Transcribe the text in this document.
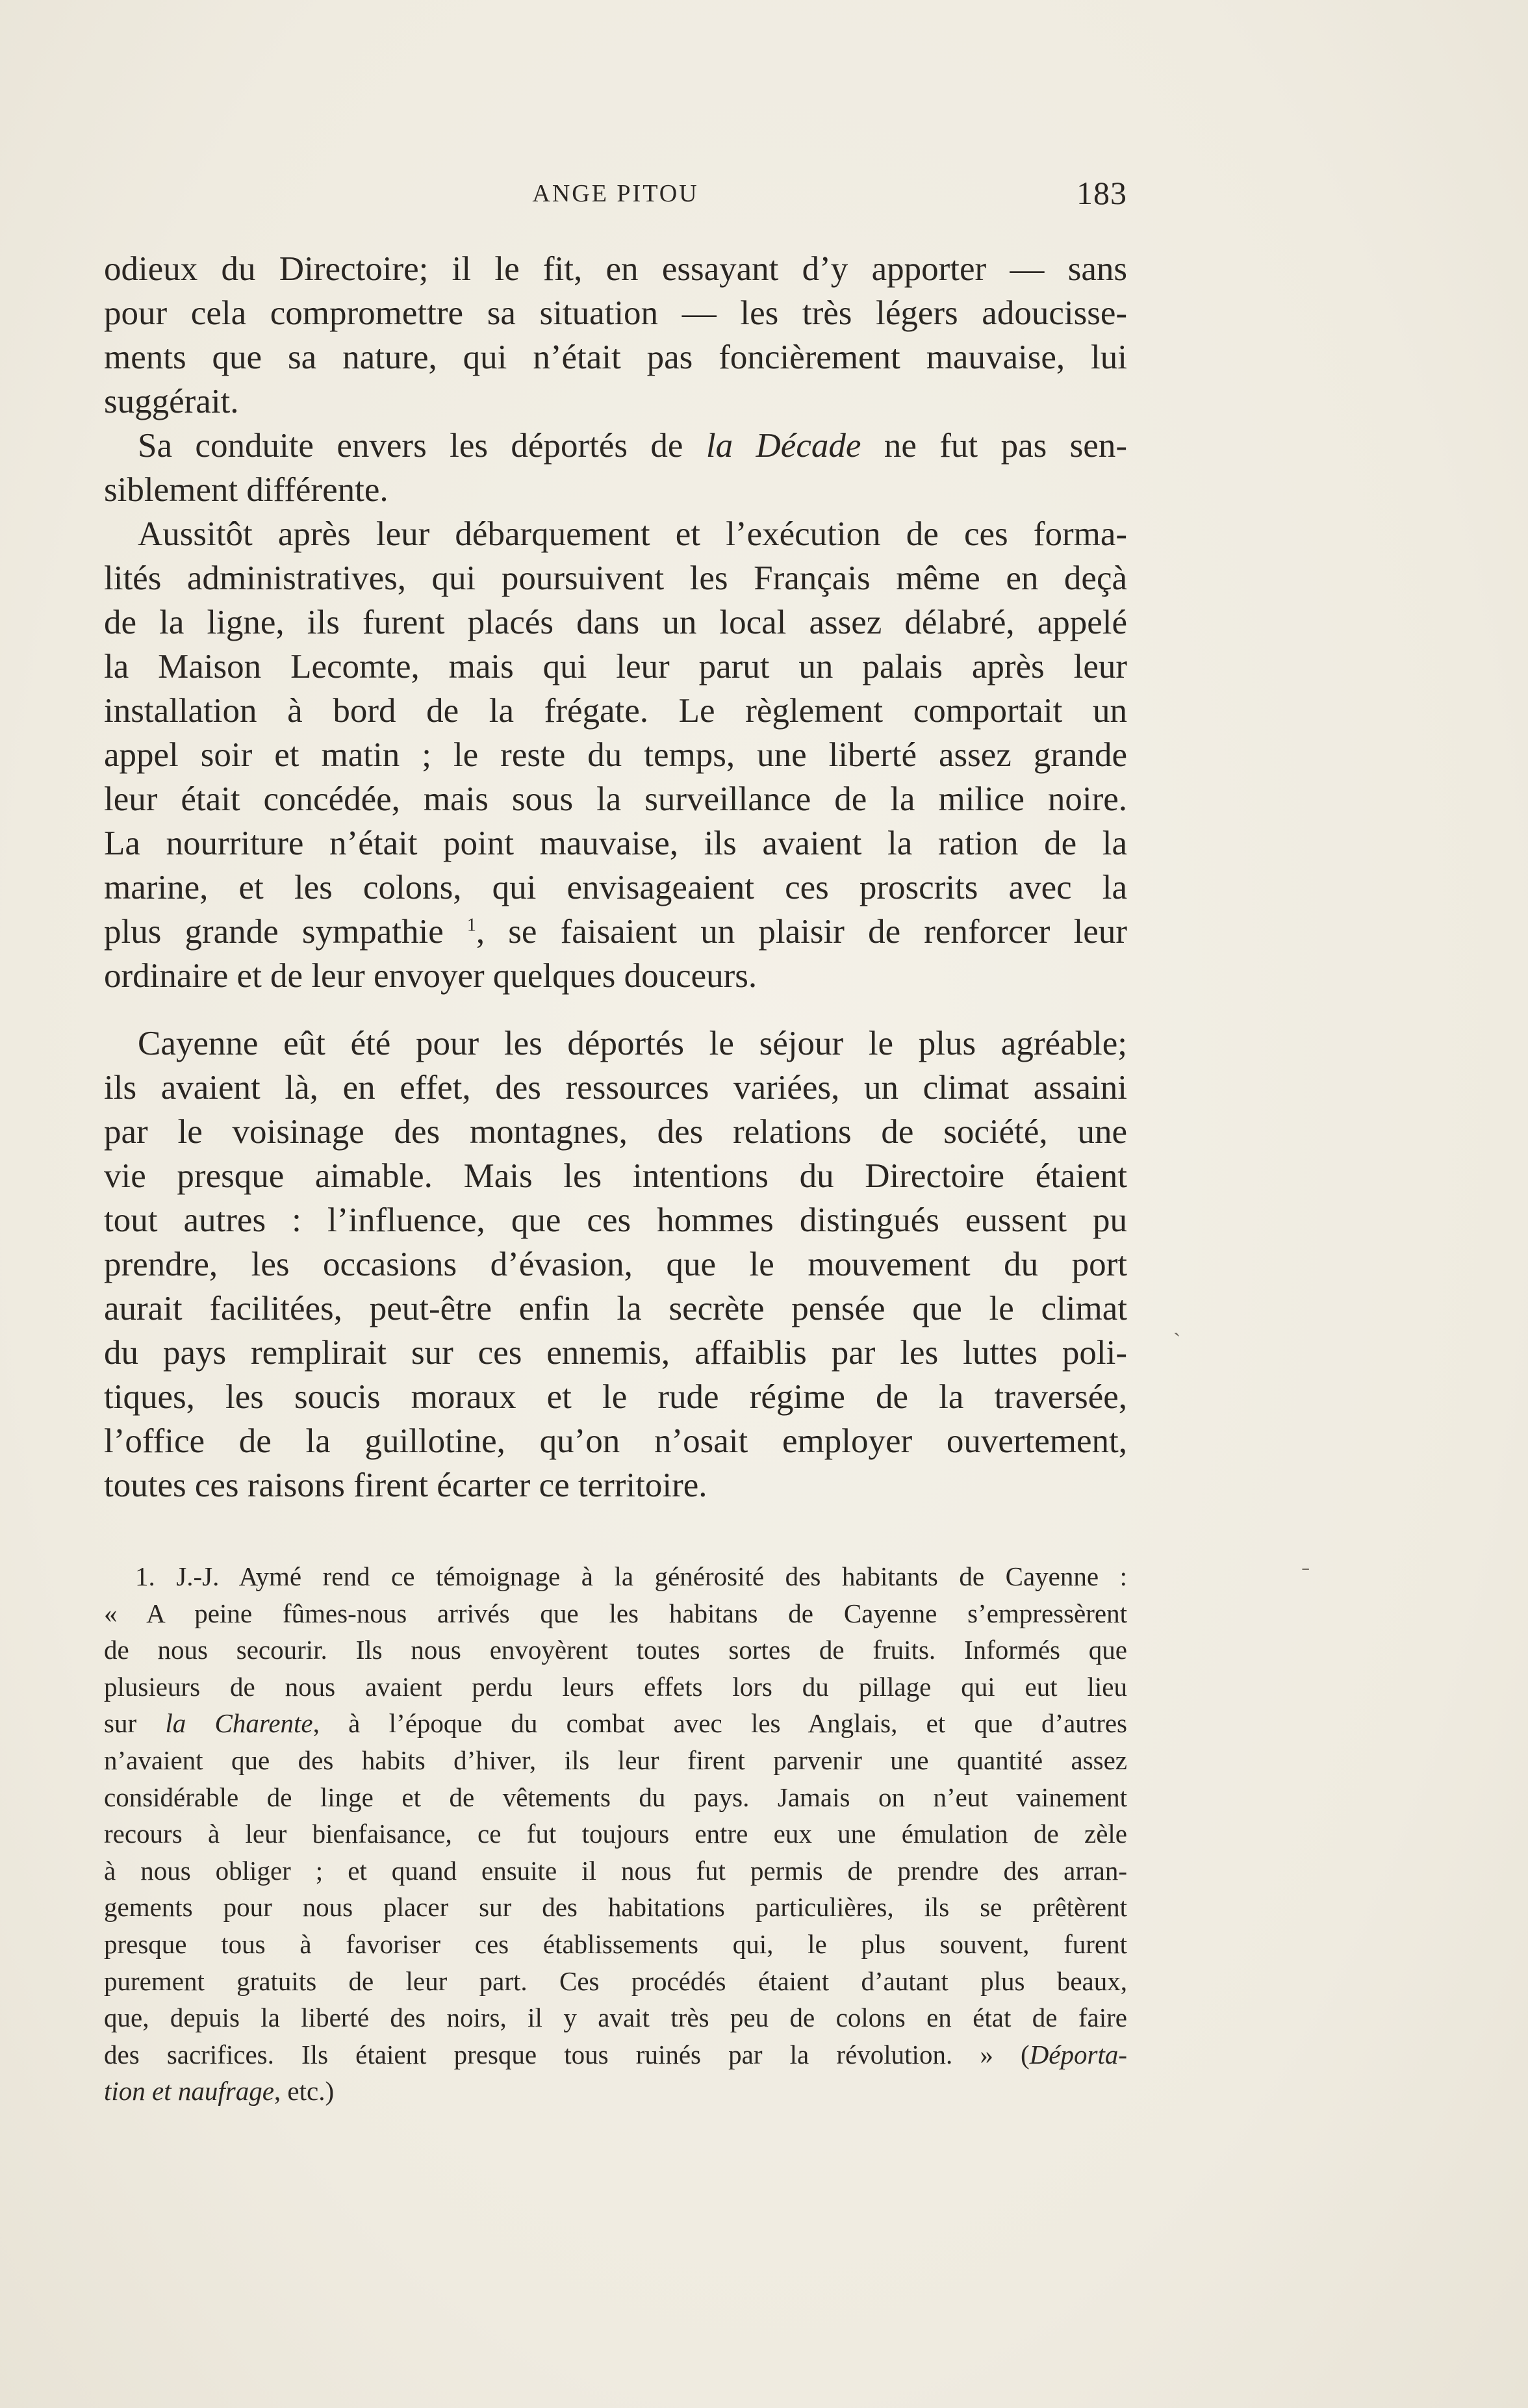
ANGE PITOU	183

odieux du Directoire; il le fit, en essayant d’y apporter — sans
pour cela compromettre sa situation — les très légers adoucisse-
ments que sa nature, qui n’était pas foncièrement mauvaise, lui
suggérait.

Sa conduite envers les déportés de la Décade ne fut pas sen-
siblement différente.

Aussitôt après leur débarquement et l’exécution de ces forma-
lités administratives, qui poursuivent les Français même en deçà
de la ligne, ils furent placés dans un local assez délabré, appelé
la Maison Lecomte, mais qui leur parut un palais après leur
installation à bord de la frégate. Le règlement comportait un
appel soir et matin ; le reste du temps, une liberté assez grande
leur était concédée, mais sous la surveillance de la milice noire.
La nourriture n’était point mauvaise, ils avaient la ration de la
marine, et les colons, qui envisageaient ces proscrits avec la
plus grande sympathie $^1$, se faisaient un plaisir de renforcer leur
ordinaire et de leur envoyer quelques douceurs.

Cayenne eût été pour les déportés le séjour le plus agréable;
ils avaient là, en effet, des ressources variées, un climat assaini
par le voisinage des montagnes, des relations de société, une
vie presque aimable. Mais les intentions du Directoire étaient
tout autres : l’influence, que ces hommes distingués eussent pu
prendre, les occasions d’évasion, que le mouvement du port
aurait facilitées, peut-être enfin la secrète pensée que le climat
du pays remplirait sur ces ennemis, affaiblis par les luttes poli-
tiques, les soucis moraux et le rude régime de la traversée,
l’office de la guillotine, qu’on n’osait employer ouvertement,
toutes ces raisons firent écarter ce territoire.

1. J.-J. Aymé rend ce témoignage à la générosité des habitants de Cayenne :
« A peine fûmes-nous arrivés que les habitans de Cayenne s’empressèrent
de nous secourir. Ils nous envoyèrent toutes sortes de fruits. Informés que
plusieurs de nous avaient perdu leurs effets lors du pillage qui eut lieu
sur la Charente, à l’époque du combat avec les Anglais, et que d’autres
n’avaient que des habits d’hiver, ils leur firent parvenir une quantité assez
considérable de linge et de vêtements du pays. Jamais on n’eut vainement
recours à leur bienfaisance, ce fut toujours entre eux une émulation de zèle
à nous obliger ; et quand ensuite il nous fut permis de prendre des arran-
gements pour nous placer sur des habitations particulières, ils se prêtèrent
presque tous à favoriser ces établissements qui, le plus souvent, furent
purement gratuits de leur part. Ces procédés étaient d’autant plus beaux,
que, depuis la liberté des noirs, il y avait très peu de colons en état de faire
des sacrifices. Ils étaient presque tous ruinés par la révolution. » (Déporta-
tion et naufrage, etc.)

ˋ
ˉ
